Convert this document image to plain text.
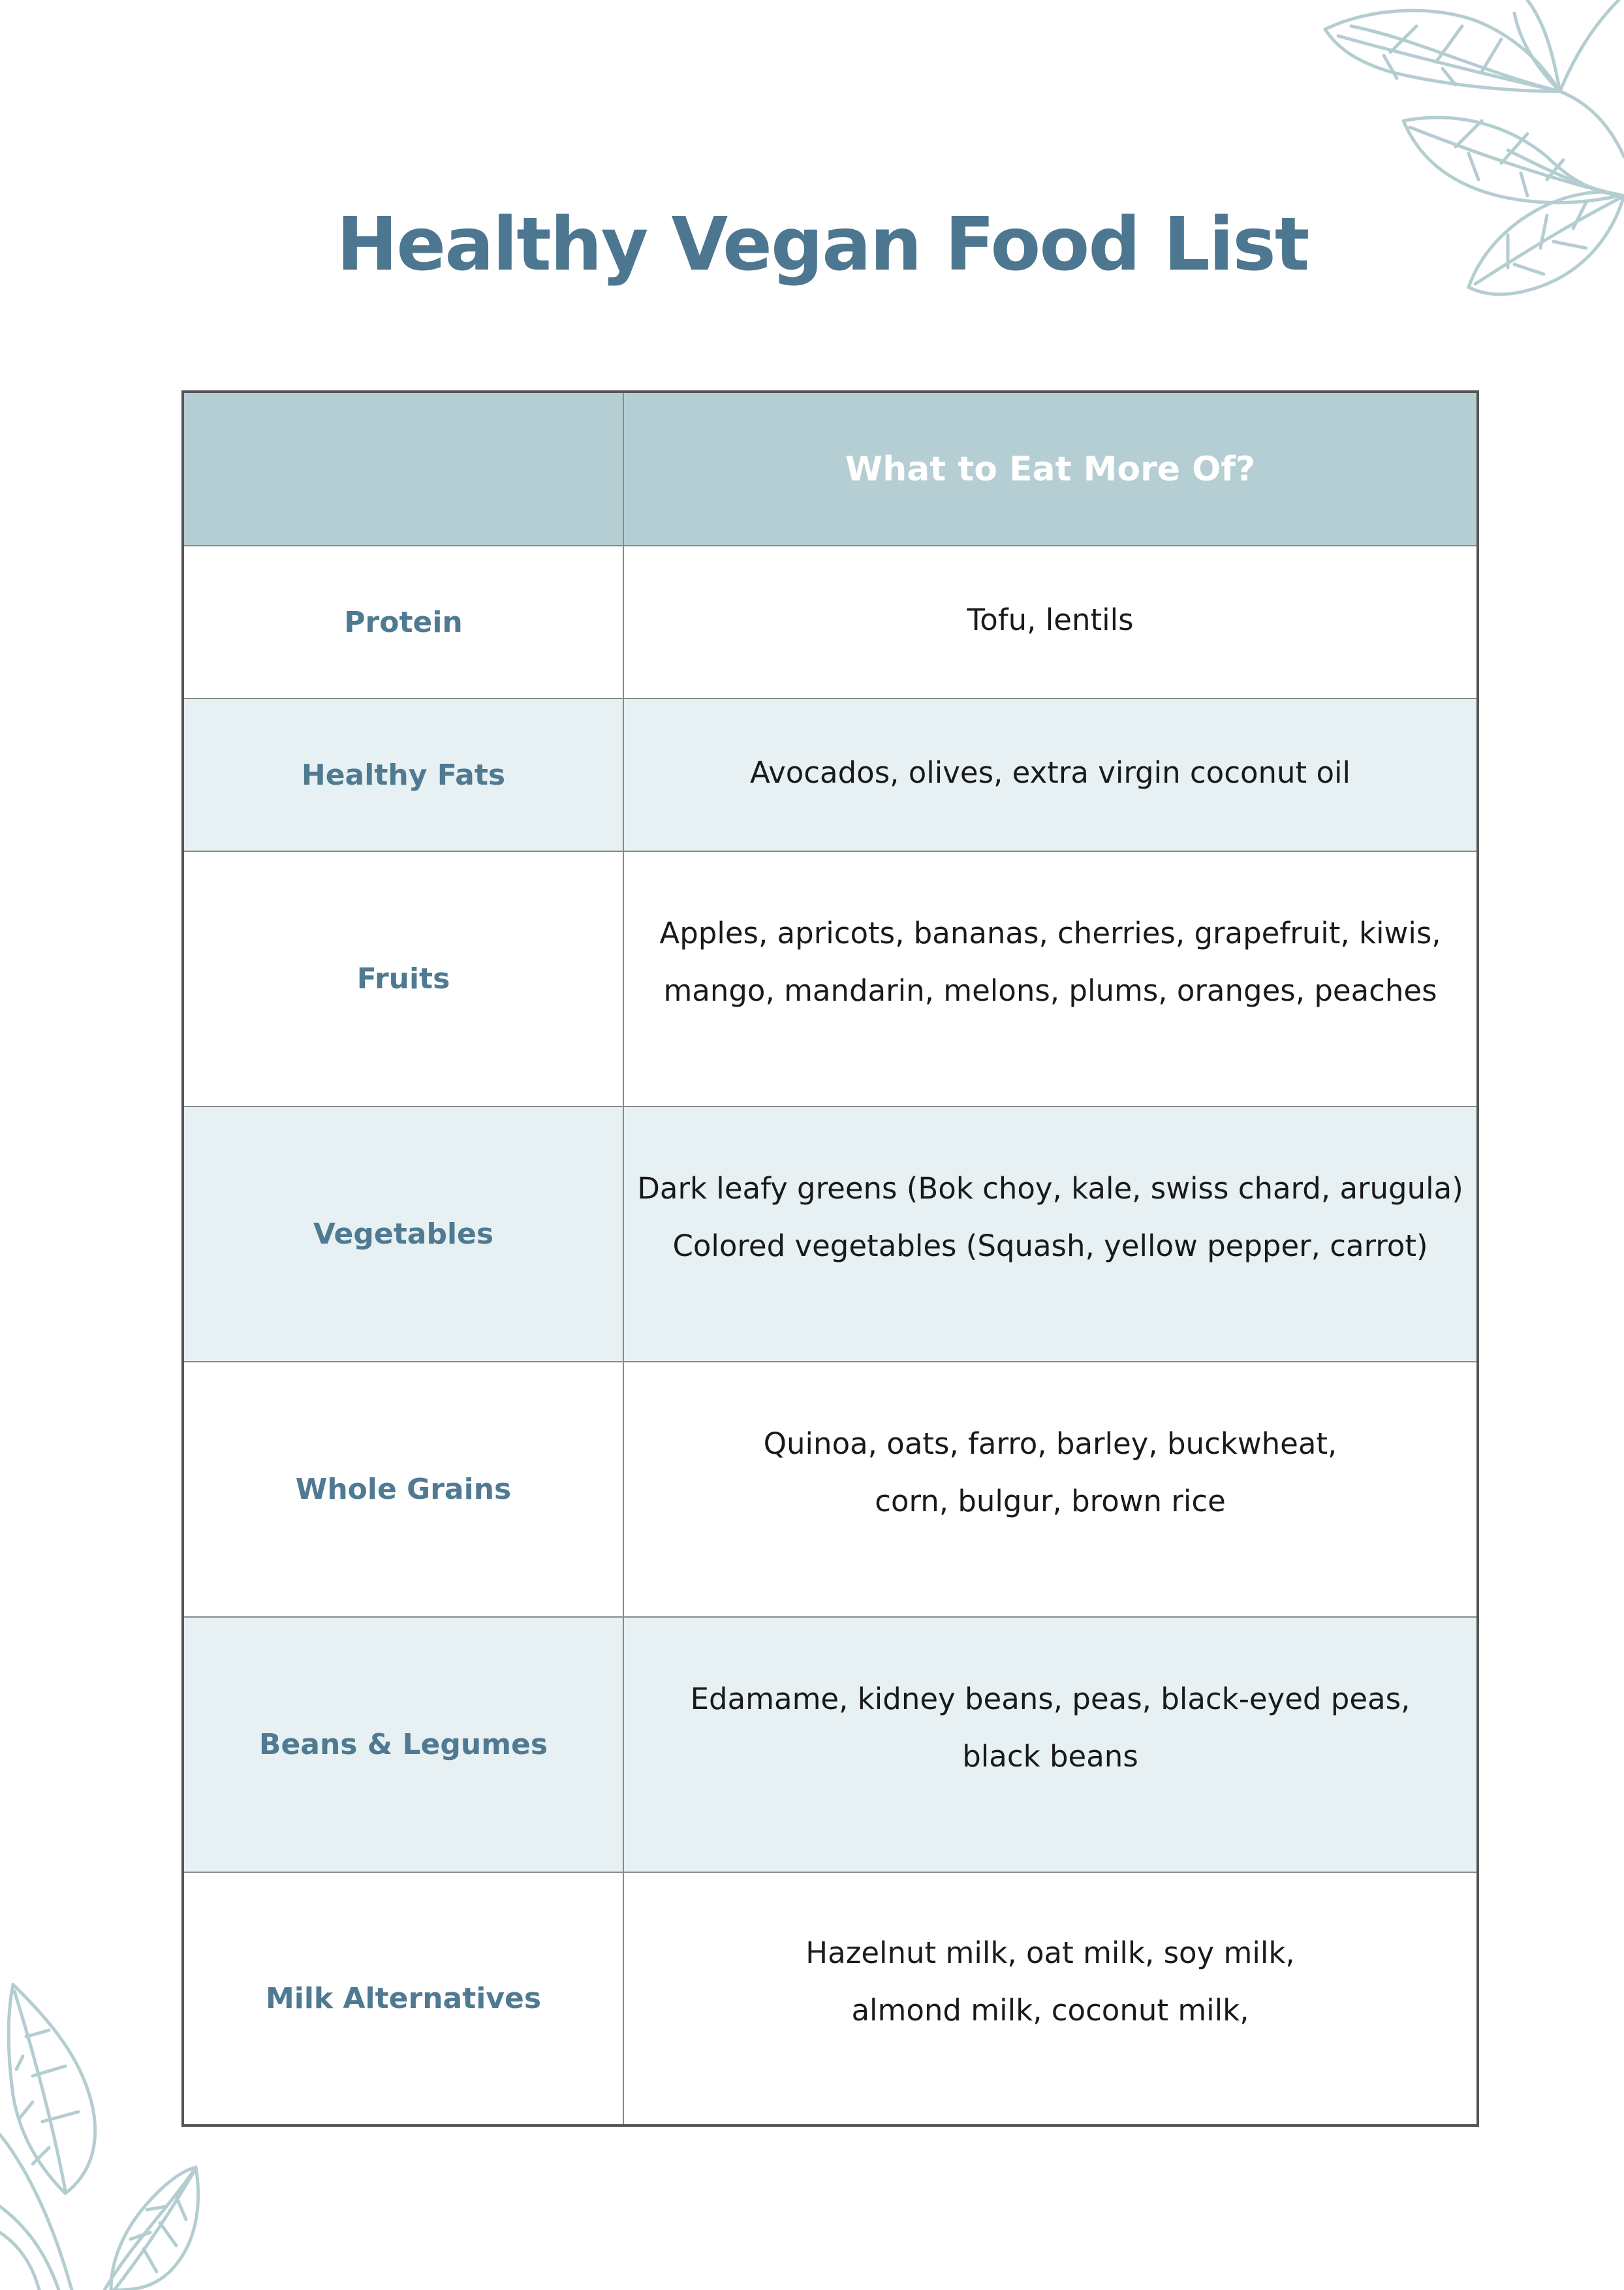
Healthy Vegan Food List
	What to Eat More Of?

Protein	Tofu, lentils

Healthy Fats	Avocados, olives, extra virgin coconut oil

Fruits	Apples, apricots, bananas, cherries, grapefruit, kiwis,
mango, mandarin, melons, plums, oranges, peaches

Vegetables	Dark leafy greens (Bok choy, kale, swiss chard, arugula)
Colored vegetables (Squash, yellow pepper, carrot)

Whole Grains	Quinoa, oats, farro, barley, buckwheat,
corn, bulgur, brown rice

Beans & Legumes	Edamame, kidney beans, peas, black-eyed peas,
black beans

Milk Alternatives	Hazelnut milk, oat milk, soy milk,
almond milk, coconut milk,
